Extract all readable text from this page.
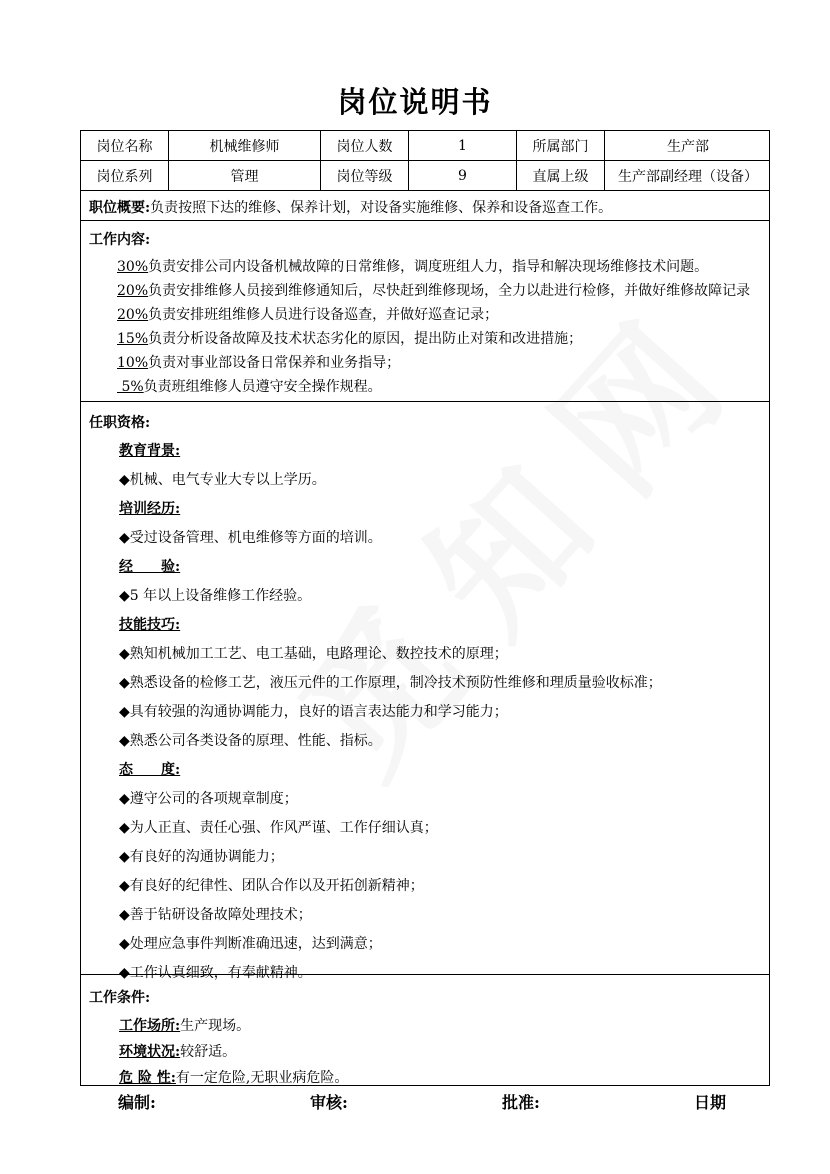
岗位说明书
岗位名称	机械维修师	岗位人数	1	所属部门	生产部
岗位系列	管理	岗位等级	9	直属上级	生产部副经理（设备）
职位概要:负责按照下达的维修、保养计划，对设备实施维修、保养和设备巡查工作。
工作内容:
30%负责安排公司内设备机械故障的日常维修，调度班组人力，指导和解决现场维修技术问题。
20%负责安排维修人员接到维修通知后，尽快赶到维修现场，全力以赴进行检修，并做好维修故障记录
20%负责安排班组维修人员进行设备巡查，并做好巡查记录；
15%负责分析设备故障及技术状态劣化的原因，提出防止对策和改进措施；
10%负责对事业部设备日常保养和业务指导；
5%负责班组维修人员遵守安全操作规程。
任职资格:
教育背景:
◆机械、电气专业大专以上学历。
培训经历:
◆受过设备管理、机电维修等方面的培训。
经　　验:
◆5 年以上设备维修工作经验。
技能技巧:
◆熟知机械加工工艺、电工基础，电路理论、数控技术的原理；
◆熟悉设备的检修工艺，液压元件的工作原理，制冷技术预防性维修和理质量验收标准；
◆具有较强的沟通协调能力，良好的语言表达能力和学习能力；
◆熟悉公司各类设备的原理、性能、指标。
态　　度:
◆遵守公司的各项规章制度；
◆为人正直、责任心强、作风严谨、工作仔细认真；
◆有良好的沟通协调能力；
◆有良好的纪律性、团队合作以及开拓创新精神；
◆善于钻研设备故障处理技术；
◆处理应急事件判断准确迅速，达到满意；
◆工作认真细致，有奉献精神。
工作条件:
工作场所:生产现场。
环境状况:较舒适。
危 险 性:有一定危险,无职业病危险。
编制:	审核:	批准:	日期
